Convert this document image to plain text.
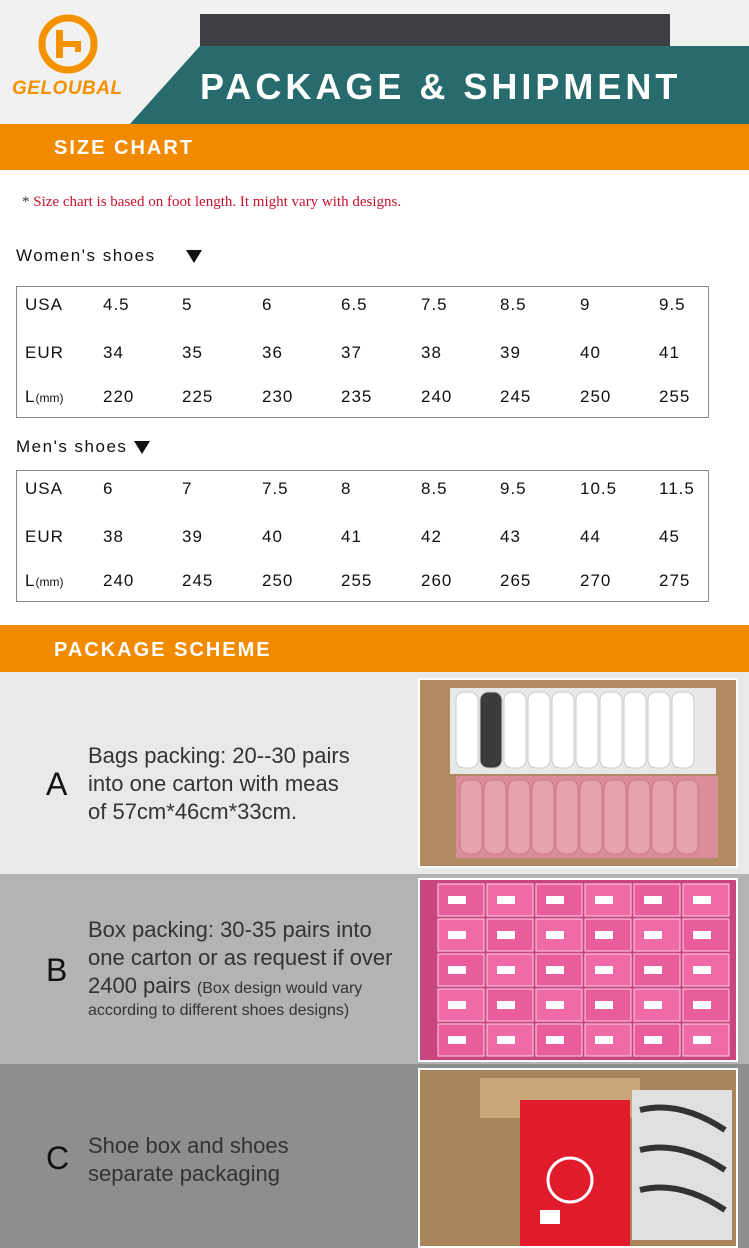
PACKAGE & SHIPMENT
GELOUBAL
SIZE CHART
* Size chart is based on foot length. It might vary with designs.
Women's shoes
USA 4.5	5	6	6.5	7.5	8.5	9	9.5
EUR 34	35	36	37	38	39	40	41
L(mm) 220	225	230	235	240	245	250	255
Men's shoes
USA 6	7	7.5	8	8.5	9.5	10.5 11.5
EUR 38	39	40	41	42	43	44	45
L(mm) 240	245	250	255	260	265	270	275
PACKAGE SCHEME
A
Bags packing: 20--30 pairs
into one carton with meas
of 57cm*46cm*33cm.
B
Box packing: 30-35 pairs into
one carton or as request if over
2400 pairs (Box design would vary
according to different shoes designs)
C Shoe box and shoes
separate packaging
